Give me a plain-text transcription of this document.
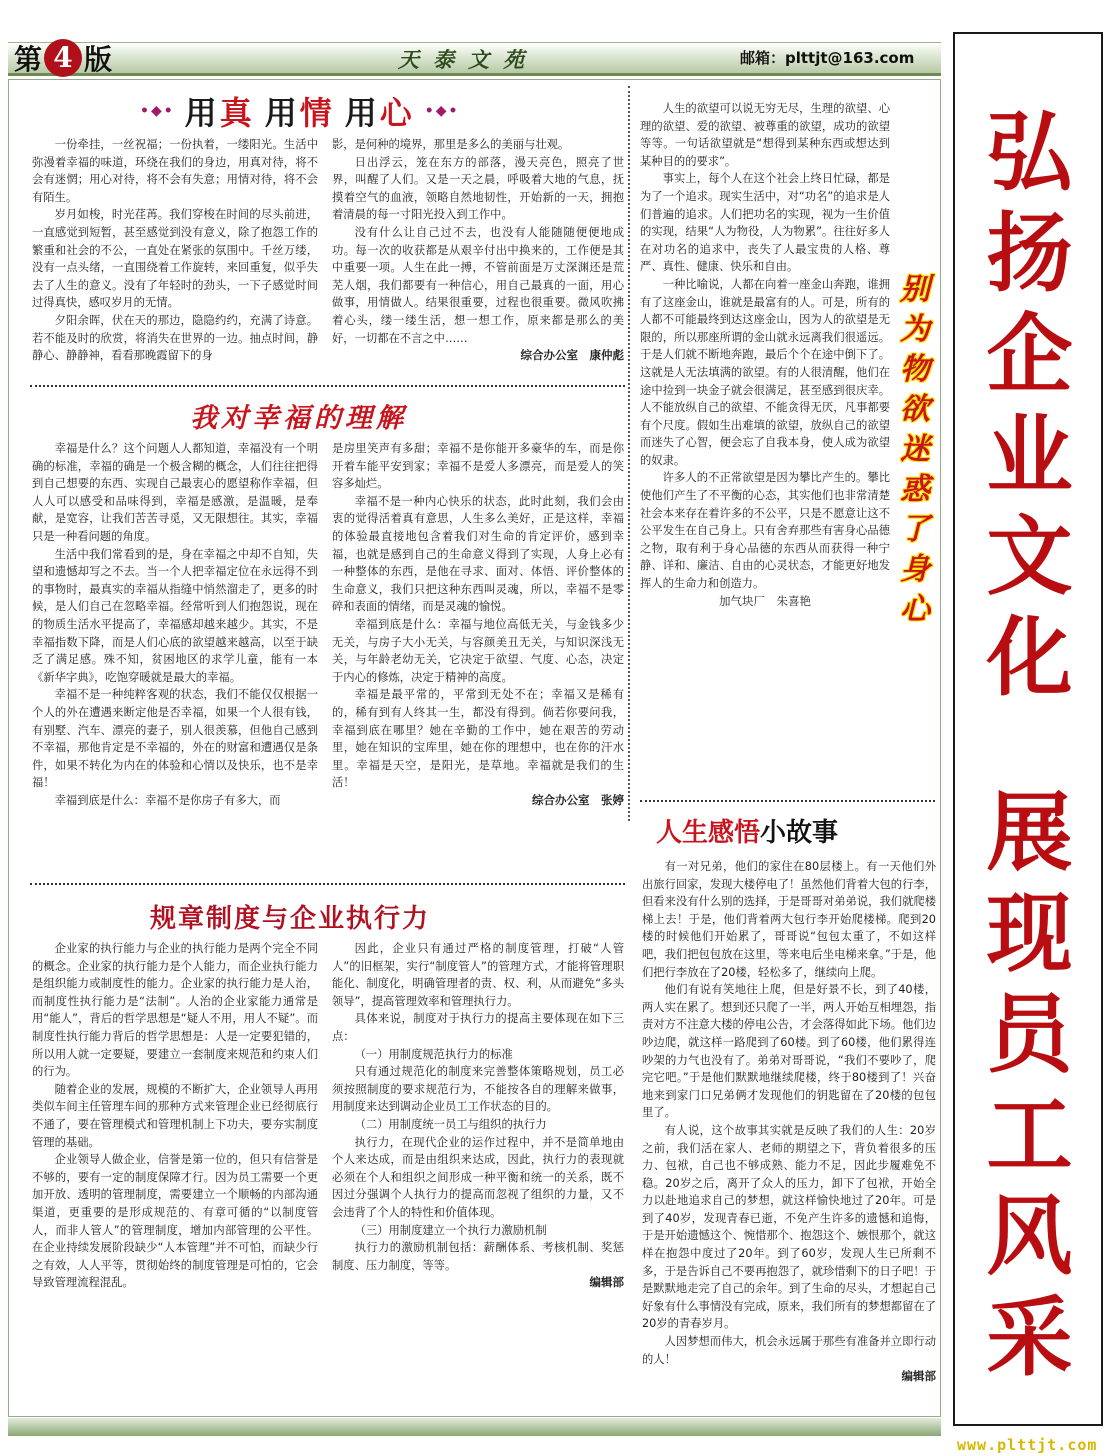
第 4 版	天泰文苑	邮箱：plttjt@163.com
•◆• 用真 用情 用心 •◆•

一份牵挂，一丝祝福；一份执着，一缕阳光。生活中弥漫着幸福的味道，环绕在我们的身边，用真对待，将不会有迷惘；用心对待，将不会有失意；用情对待，将不会有陌生。

岁月如梭，时光荏苒。我们穿梭在时间的尽头前进，一直感觉到短暂，甚至感觉到没有意义，除了抱怨工作的繁重和社会的不公，一直处在紧张的氛围中。千丝万缕，没有一点头绪，一直围绕着工作旋转，来回重复，似乎失去了人生的意义。没有了年轻时的劲头，一下子感觉时间过得真快，感叹岁月的无情。

夕阳余晖，伏在天的那边，隐隐约约，充满了诗意。若不能及时的欣赏，将消失在世界的一边。抽点时间，静静心、静静神，看看那晚霞留下的身

影，是何种的境界，那里是多么的美丽与壮观。

日出浮云，笼在东方的部落，漫天亮色，照亮了世界，叫醒了人们。又是一天之晨，呼吸着大地的气息，抚摸着空气的血液，领略自然地韧性，开始新的一天，拥抱着清晨的每一寸阳光投入到工作中。

没有什么让自己过不去，也没有人能随随便便地成功。每一次的收获都是从艰辛付出中换来的，工作便是其中重要一项。人生在此一搏，不管前面是万丈深渊还是荒芜人烟，我们都要有一种信心，用自己最真的一面，用心做事，用情做人。结果很重要，过程也很重要。微风吹拂着心头，缕一缕生活，想一想工作，原来都是那么的美好，一切都在不言之中……

综合办公室　康仲彪
我对幸福的理解

幸福是什么？这个问题人人都知道，幸福没有一个明确的标准，幸福的确是一个极含糊的概念，人们往往把得到自己想要的东西、实现自己最衷心的愿望称作幸福，但人人可以感受和品味得到，幸福是感激，是温暖，是奉献，是宽容，让我们苦苦寻觅，又无限想往。其实，幸福只是一种看问题的角度。

生活中我们常看到的是，身在幸福之中却不自知，失望和遗憾却写之不去。当一个人把幸福定位在永远得不到的事物时，最真实的幸福从指缝中悄然溜走了，更多的时候，是人们自己在忽略幸福。经常听到人们抱怨说，现在的物质生活水平提高了，幸福感却越来越少。其实，不是幸福指数下降，而是人们心底的欲望越来越高，以至于缺乏了满足感。殊不知，贫困地区的求学儿童，能有一本《新华字典》，吃饱穿暖就是最大的幸福。

幸福不是一种纯粹客观的状态，我们不能仅仅根据一个人的外在遭遇来断定他是否幸福，如果一个人很有钱，有别墅、汽车、漂亮的妻子，别人很羡慕，但他自己感到不幸福，那他肯定是不幸福的，外在的财富和遭遇仅是条件，如果不转化为内在的体验和心情以及快乐，也不是幸福！

幸福到底是什么：幸福不是你房子有多大，而

是房里笑声有多甜；幸福不是你能开多豪华的车，而是你开着车能平安到家；幸福不是爱人多漂亮，而是爱人的笑容多灿烂。

幸福不是一种内心快乐的状态，此时此刻，我们会由衷的觉得活着真有意思，人生多么美好，正是这样，幸福的体验最直接地包含着我们对生命的肯定评价，感到幸福，也就是感到自己的生命意义得到了实现，人身上必有一种整体的东西，是他在寻求、面对、体悟、评价整体的生命意义，我们只把这种东西叫灵魂，所以，幸福不是零碎和表面的情绪，而是灵魂的愉悦。

幸福到底是什么：幸福与地位高低无关，与金钱多少无关，与房子大小无关，与容颜美丑无关，与知识深浅无关，与年龄老幼无关，它决定于欲望、气度、心态，决定于内心的修炼，决定于精神的高度。

幸福是最平常的，平常到无处不在；幸福又是稀有的，稀有到有人终其一生，都没有得到。倘若你要问我，幸福到底在哪里？她在辛勤的工作中，她在艰苦的劳动里，她在知识的宝库里，她在你的理想中，也在你的汗水里。幸福是天空，是阳光，是草地。幸福就是我们的生活！

综合办公室　张婷
规章制度与企业执行力

企业家的执行能力与企业的执行能力是两个完全不同的概念。企业家的执行能力是个人能力，而企业执行能力是组织能力或制度性的能力。企业家的执行能力是人治，而制度性执行能力是“法制”。人治的企业家能力通常是用“能人”，背后的哲学思想是“疑人不用，用人不疑”。而制度性执行能力背后的哲学思想是：人是一定要犯错的，所以用人就一定要疑，要建立一套制度来规范和约束人们的行为。

随着企业的发展，规模的不断扩大，企业领导人再用类似车间主任管理车间的那种方式来管理企业已经彻底行不通了，要在管理模式和管理机制上下功夫，要夯实制度管理的基础。

企业领导人做企业，信誉是第一位的，但只有信誉是不够的，要有一定的制度保障才行。因为员工需要一个更加开放、透明的管理制度，需要建立一个顺畅的内部沟通渠道，更重要的是形成规范的、有章可循的“以制度管人，而非人管人”的管理制度，增加内部管理的公平性。在企业持续发展阶段缺少“人本管理”并不可怕，而缺少行之有效，人人平等，贯彻始终的制度管理是可怕的，它会导致管理流程混乱。

因此，企业只有通过严格的制度管理，打破“人管人”的旧框架，实行“制度管人”的管理方式，才能将管理职能化、制度化，明确管理者的责、权、利，从而避免“多头领导”，提高管理效率和管理执行力。

具体来说，制度对于执行力的提高主要体现在如下三点：

（一）用制度规范执行力的标准

只有通过规范化的制度来完善整体策略规划，员工必须按照制度的要求规范行为，不能按各自的理解来做事，用制度来达到调动企业员工工作状态的目的。

（二）用制度统一员工与组织的执行力

执行力，在现代企业的运作过程中，并不是简单地由个人来达成，而是由组织来达成，因此，执行力的表现就必须在个人和组织之间形成一种平衡和统一的关系，既不因过分强调个人执行力的提高而忽视了组织的力量，又不会违背了个人的特性和价值体现。

（三）用制度建立一个执行力激励机制

执行力的激励机制包括：薪酬体系、考核机制、奖惩制度、压力制度，等等。

编辑部

人生的欲望可以说无穷无尽，生理的欲望、心理的欲望、爱的欲望、被尊重的欲望，成功的欲望等等。一句话欲望就是“想得到某种东西或想达到某种目的的要求”。

事实上，每个人在这个社会上终日忙碌，都是为了一个追求。现实生活中，对“功名”的追求是人们普遍的追求。人们把功名的实现，视为一生价值的实现，结果“人为物役，人为物累”。往往好多人在对功名的追求中，丧失了人最宝贵的人格、尊严、真性、健康、快乐和自由。

一种比喻说，人都在向着一座金山奔跑，谁拥有了这座金山，谁就是最富有的人。可是，所有的人都不可能最终到达这座金山，因为人的欲望是无限的，所以那座所谓的金山就永远离我们很遥远。于是人们就不断地奔跑，最后个个在途中倒下了。这就是人无法填满的欲望。有的人很清醒，他们在途中捡到一块金子就会很满足，甚至感到很庆幸。人不能放纵自己的欲望、不能贪得无厌，凡事都要有个尺度。假如生出难填的欲望，放纵自己的欲望而迷失了心智，便会忘了自我本身，使人成为欲望的奴隶。

许多人的不正常欲望是因为攀比产生的。攀比使他们产生了不平衡的心态，其实他们也非常清楚社会本来存在着许多的不公平，只是不愿意让这不公平发生在自己身上。只有舍弃那些有害身心品德之物，取有利于身心品德的东西从而获得一种宁静、详和、廉洁、自由的心灵状态，才能更好地发挥人的生命力和创造力。

加气块厂　朱喜艳
别
为
物
欲
迷
惑
了
身
心
人生感悟小故事

有一对兄弟，他们的家住在80层楼上。有一天他们外出旅行回家，发现大楼停电了！虽然他们背着大包的行李，但看来没有什么别的选择，于是哥哥对弟弟说，我们就爬楼梯上去！于是，他们背着两大包行李开始爬楼梯。爬到20楼的时候他们开始累了，哥哥说“包包太重了，不如这样吧，我们把包包放在这里，等来电后坐电梯来拿。”于是，他们把行李放在了20楼，轻松多了，继续向上爬。

他们有说有笑地往上爬，但是好景不长，到了40楼，两人实在累了。想到还只爬了一半，两人开始互相埋怨，指责对方不注意大楼的停电公告，才会落得如此下场。他们边吵边爬，就这样一路爬到了60楼。到了60楼，他们累得连吵架的力气也没有了。弟弟对哥哥说，“我们不要吵了，爬完它吧。”于是他们默默地继续爬楼，终于80楼到了！兴奋地来到家门口兄弟俩才发现他们的钥匙留在了20楼的包包里了。

有人说，这个故事其实就是反映了我们的人生：20岁之前，我们活在家人、老师的期望之下，背负着很多的压力、包袱，自己也不够成熟、能力不足，因此步履难免不稳。20岁之后，离开了众人的压力，卸下了包袱，开始全力以赴地追求自己的梦想，就这样愉快地过了20年。可是到了40岁，发现青春已逝，不免产生许多的遗憾和追悔，于是开始遗憾这个、惋惜那个、抱怨这个、嫉恨那个，就这样在抱怨中度过了20年。到了60岁，发现人生已所剩不多，于是告诉自己不要再抱怨了，就珍惜剩下的日子吧！于是默默地走完了自己的余年。到了生命的尽头，才想起自己好象有什么事情没有完成，原来，我们所有的梦想都留在了20岁的青春岁月。

人因梦想而伟大，机会永远属于那些有准备并立即行动的人！

编辑部
弘
扬
企
业
文
化
展
现
员
工
风
采
www.plttjt.com
